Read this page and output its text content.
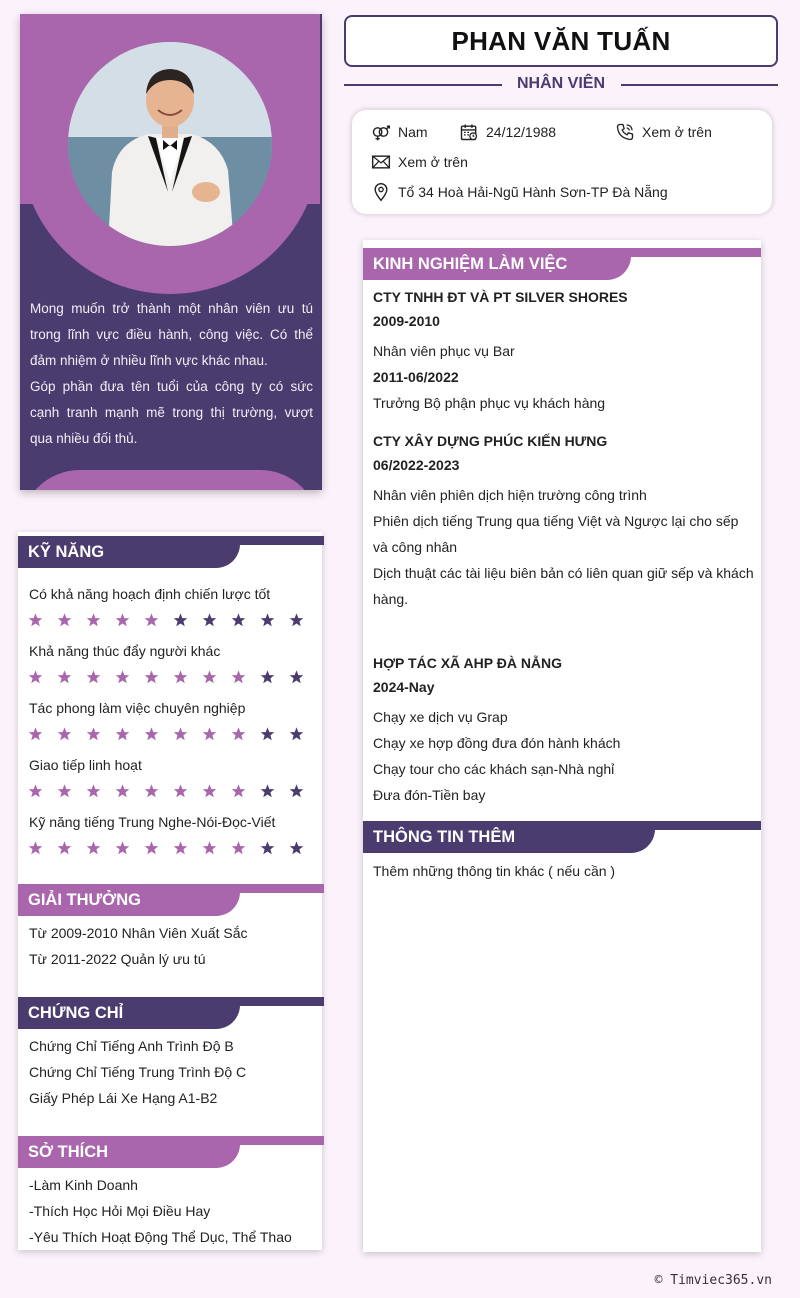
Mong muốn trở thành một nhân viên ưu tú trong lĩnh vực điều hành, công việc. Có thể đảm nhiệm ở nhiều lĩnh vực khác nhau.

Góp phần đưa tên tuổi của công ty có sức cạnh tranh mạnh mẽ trong thị trường, vượt qua nhiều đối thủ.

PHAN VĂN TUẤN
NHÂN VIÊN
Nam	24/12/1988	Xem ở trên
Xem ở trên
Tổ 34 Hoà Hải-Ngũ Hành Sơn-TP Đà Nẵng
KỸ NĂNG
Có khả năng hoạch định chiến lược tốt
Khả năng thúc đẩy người khác
Tác phong làm việc chuyên nghiệp
Giao tiếp linh hoạt
Kỹ năng tiếng Trung Nghe-Nói-Đọc-Viết
GIẢI THƯỞNG
Từ 2009-2010 Nhân Viên Xuất Sắc
Từ 2011-2022 Quản lý ưu tú
CHỨNG CHỈ
Chứng Chỉ Tiếng Anh Trình Độ B
Chứng Chỉ Tiếng Trung Trình Độ C
Giấy Phép Lái Xe Hạng A1-B2
SỞ THÍCH
-Làm Kinh Doanh
-Thích Học Hỏi Mọi Điều Hay
-Yêu Thích Hoạt Động Thể Dục, Thể Thao
KINH NGHIỆM LÀM VIỆC
CTY TNHH ĐT VÀ PT SILVER SHORES
2009-2010
Nhân viên phục vụ Bar
2011-06/2022
Trưởng Bộ phận phục vụ khách hàng
CTY XÂY DỰNG PHÚC KIẾN HƯNG
06/2022-2023
Nhân viên phiên dịch hiện trường công trình
Phiên dịch tiếng Trung qua tiếng Việt và Ngược lại cho sếp
và công nhân
Dịch thuật các tài liệu biên bản có liên quan giữ sếp và khách
hàng.
HỢP TÁC XÃ AHP ĐÀ NẴNG
2024-Nay
Chạy xe dịch vụ Grap
Chạy xe hợp đồng đưa đón hành khách
Chạy tour cho các khách sạn-Nhà nghỉ
Đưa đón-Tiền bay
THÔNG TIN THÊM
Thêm những thông tin khác ( nếu cần )
© Timviec365.vn
